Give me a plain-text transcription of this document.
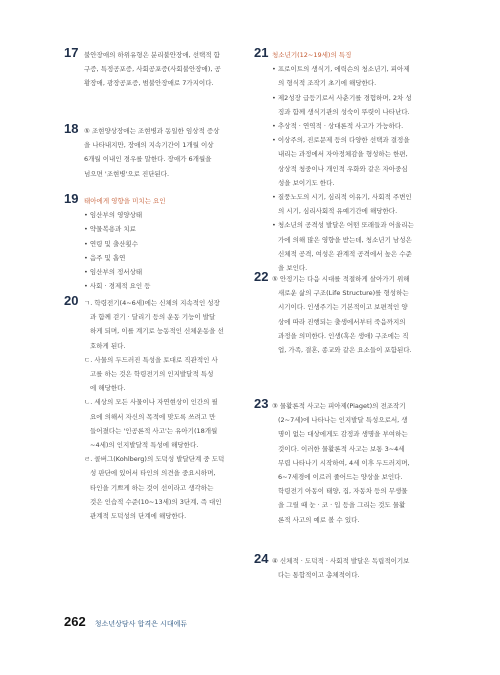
17 불안장애의 하위유형은 분리불안장애, 선택적 함
구증, 특정공포증, 사회공포증(사회불안장애), 공
황장애, 광장공포증, 범불안장애로 7가지이다.
18 ⑤ 조현양상장애는 조현병과 동일한 임상적 증상
을 나타내지만, 장애의 지속기간이 1개월 이상
6개월 이내인 경우를 말한다. 장애가 6개월을
넘으면 '조현병'으로 진단된다.
19 태아에게 영향을 미치는 요인
• 임산부의 영양상태
• 약물복용과 치료
• 연령 및 출산횟수
• 음주 및 흡연
• 임산부의 정서상태
• 사회 · 경제적 요인 등
20 ㄱ. 학령전기(4~6세)에는 신체의 지속적인 성장
과 함께 걷기 · 달리기 등의 운동 기능이 발달
하게 되며, 이를 계기로 능동적인 신체운동을 선
호하게 된다.
ㄷ. 사물의 두드러진 특성을 토대로 직관적인 사
고를 하는 것은 학령전기의 인지발달적 특성
에 해당한다.
ㄴ. 세상의 모든 사물이나 자연현상이 인간의 필
요에 의해서 자신의 목적에 맞도록 쓰려고 만
들어졌다는 '인공론적 사고'는 유아기(18개월
~4세)의 인지발달적 특성에 해당한다.
ㄹ. 콜버그(Kohlberg)의 도덕성 발달단계 중 도덕
성 판단에 있어서 타인의 의견을 중요시하며,
타인을 기쁘게 하는 것이 선이라고 생각하는
것은 인습적 수준(10~13세)의 3단계, 즉 대인
관계적 도덕성의 단계에 해당한다.
21 청소년기(12~19세)의 특징
• 프로이트의 생식기, 에릭슨의 청소년기, 피아제
의 형식적 조작기 초기에 해당한다.
• 제2성장 급등기로서 사춘기를 경험하며, 2차 성
징과 함께 생식기관의 성숙이 뚜렷이 나타난다.
• 추상적 · 연역적 · 상대론적 사고가 가능하다.
• 이상주의, 진로문제 등의 다양한 선택과 결정을
내리는 과정에서 자아정체감을 형성하는 한편,
상상적 청중이나 개인적 우화와 같은 자아중심
성을 보이기도 한다.
• 질풍노도의 시기, 심리적 이유기, 사회적 주변인
의 시기, 심리사회적 유예기간에 해당한다.
• 청소년의 공격성 발달은 어떤 또래들과 어울리는
가에 의해 많은 영향을 받는데, 청소년기 남성은
신체적 공격, 여성은 관계적 공격에서 높은 수준
을 보인다.
22 ⑤ 안정기는 다음 시대를 적절하게 살아가기 위해
새로운 삶의 구조(Life Structure)를 형성하는
시기이다. 인생주기는 기본적이고 보편적인 양
상에 따라 진행되는 출생에서부터 죽음까지의
과정을 의미한다. 인생(혹은 생애) 구조에는 직
업, 가족, 결혼, 종교와 같은 요소들이 포함된다.
23 ③ 물활론적 사고는 피아제(Piaget)의 전조작기
(2~7세)에 나타나는 인지발달 특성으로서, 생
명이 없는 대상에게도 감정과 생명을 부여하는
것이다. 이러한 물활론적 사고는 보통 3~4세
무렵 나타나기 시작하여, 4세 이후 두드러지며,
6~7세경에 이르러 줄어드는 양상을 보인다.
학령전기 아동이 태양, 집, 자동차 등의 무생물
을 그릴 때 눈 · 코 · 입 등을 그리는 것도 물활
론적 사고의 예로 볼 수 있다.
24 ④ 신체적 · 도덕적 · 사회적 발달은 독립적이기보
다는 통합적이고 총체적이다.
262 청소년상담사 합격은 시대에듀
